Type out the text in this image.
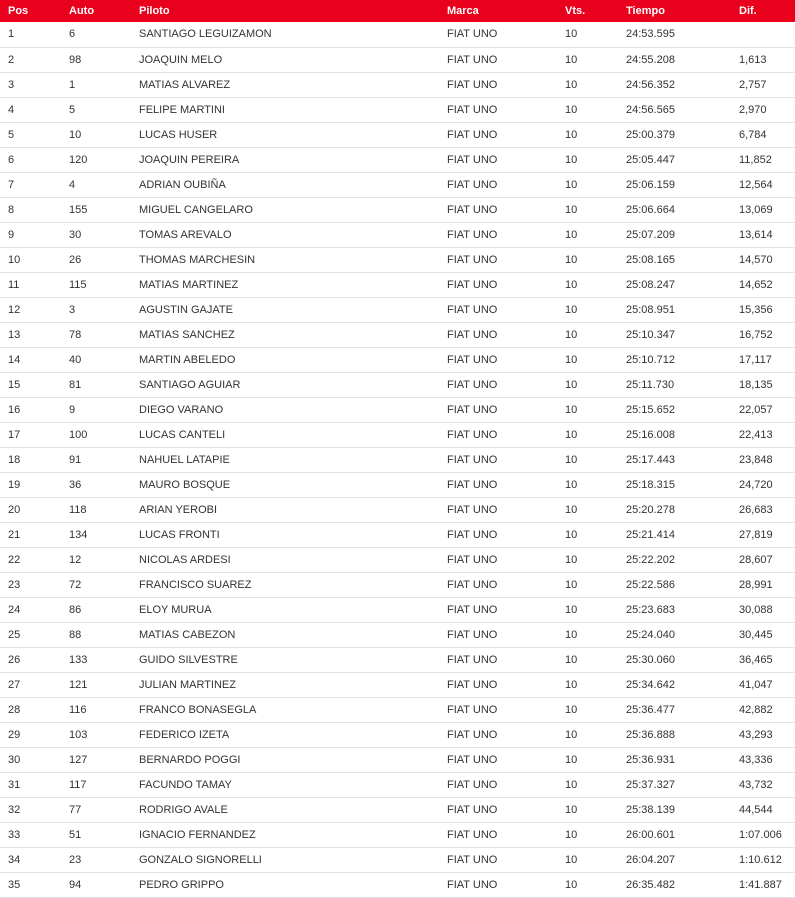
Pos	Auto	Piloto	Marca	Vts.	Tiempo	Dif.
1	6	SANTIAGO LEGUIZAMON	FIAT UNO	10	24:53.595	
2	98	JOAQUIN MELO	FIAT UNO	10	24:55.208	1,613
3	1	MATIAS ALVAREZ	FIAT UNO	10	24:56.352	2,757
4	5	FELIPE MARTINI	FIAT UNO	10	24:56.565	2,970
5	10	LUCAS HUSER	FIAT UNO	10	25:00.379	6,784
6	120	JOAQUIN PEREIRA	FIAT UNO	10	25:05.447	11,852
7	4	ADRIAN OUBIÑA	FIAT UNO	10	25:06.159	12,564
8	155	MIGUEL CANGELARO	FIAT UNO	10	25:06.664	13,069
9	30	TOMAS AREVALO	FIAT UNO	10	25:07.209	13,614
10	26	THOMAS MARCHESIN	FIAT UNO	10	25:08.165	14,570
11	115	MATIAS MARTINEZ	FIAT UNO	10	25:08.247	14,652
12	3	AGUSTIN GAJATE	FIAT UNO	10	25:08.951	15,356
13	78	MATIAS SANCHEZ	FIAT UNO	10	25:10.347	16,752
14	40	MARTIN ABELEDO	FIAT UNO	10	25:10.712	17,117
15	81	SANTIAGO AGUIAR	FIAT UNO	10	25:11.730	18,135
16	9	DIEGO VARANO	FIAT UNO	10	25:15.652	22,057
17	100	LUCAS CANTELI	FIAT UNO	10	25:16.008	22,413
18	91	NAHUEL LATAPIE	FIAT UNO	10	25:17.443	23,848
19	36	MAURO BOSQUE	FIAT UNO	10	25:18.315	24,720
20	118	ARIAN YEROBI	FIAT UNO	10	25:20.278	26,683
21	134	LUCAS FRONTI	FIAT UNO	10	25:21.414	27,819
22	12	NICOLAS ARDESI	FIAT UNO	10	25:22.202	28,607
23	72	FRANCISCO SUAREZ	FIAT UNO	10	25:22.586	28,991
24	86	ELOY MURUA	FIAT UNO	10	25:23.683	30,088
25	88	MATIAS CABEZON	FIAT UNO	10	25:24.040	30,445
26	133	GUIDO SILVESTRE	FIAT UNO	10	25:30.060	36,465
27	121	JULIAN MARTINEZ	FIAT UNO	10	25:34.642	41,047
28	116	FRANCO BONASEGLA	FIAT UNO	10	25:36.477	42,882
29	103	FEDERICO IZETA	FIAT UNO	10	25:36.888	43,293
30	127	BERNARDO POGGI	FIAT UNO	10	25:36.931	43,336
31	117	FACUNDO TAMAY	FIAT UNO	10	25:37.327	43,732
32	77	RODRIGO AVALE	FIAT UNO	10	25:38.139	44,544
33	51	IGNACIO FERNANDEZ	FIAT UNO	10	26:00.601	1:07.006
34	23	GONZALO SIGNORELLI	FIAT UNO	10	26:04.207	1:10.612
35	94	PEDRO GRIPPO	FIAT UNO	10	26:35.482	1:41.887
